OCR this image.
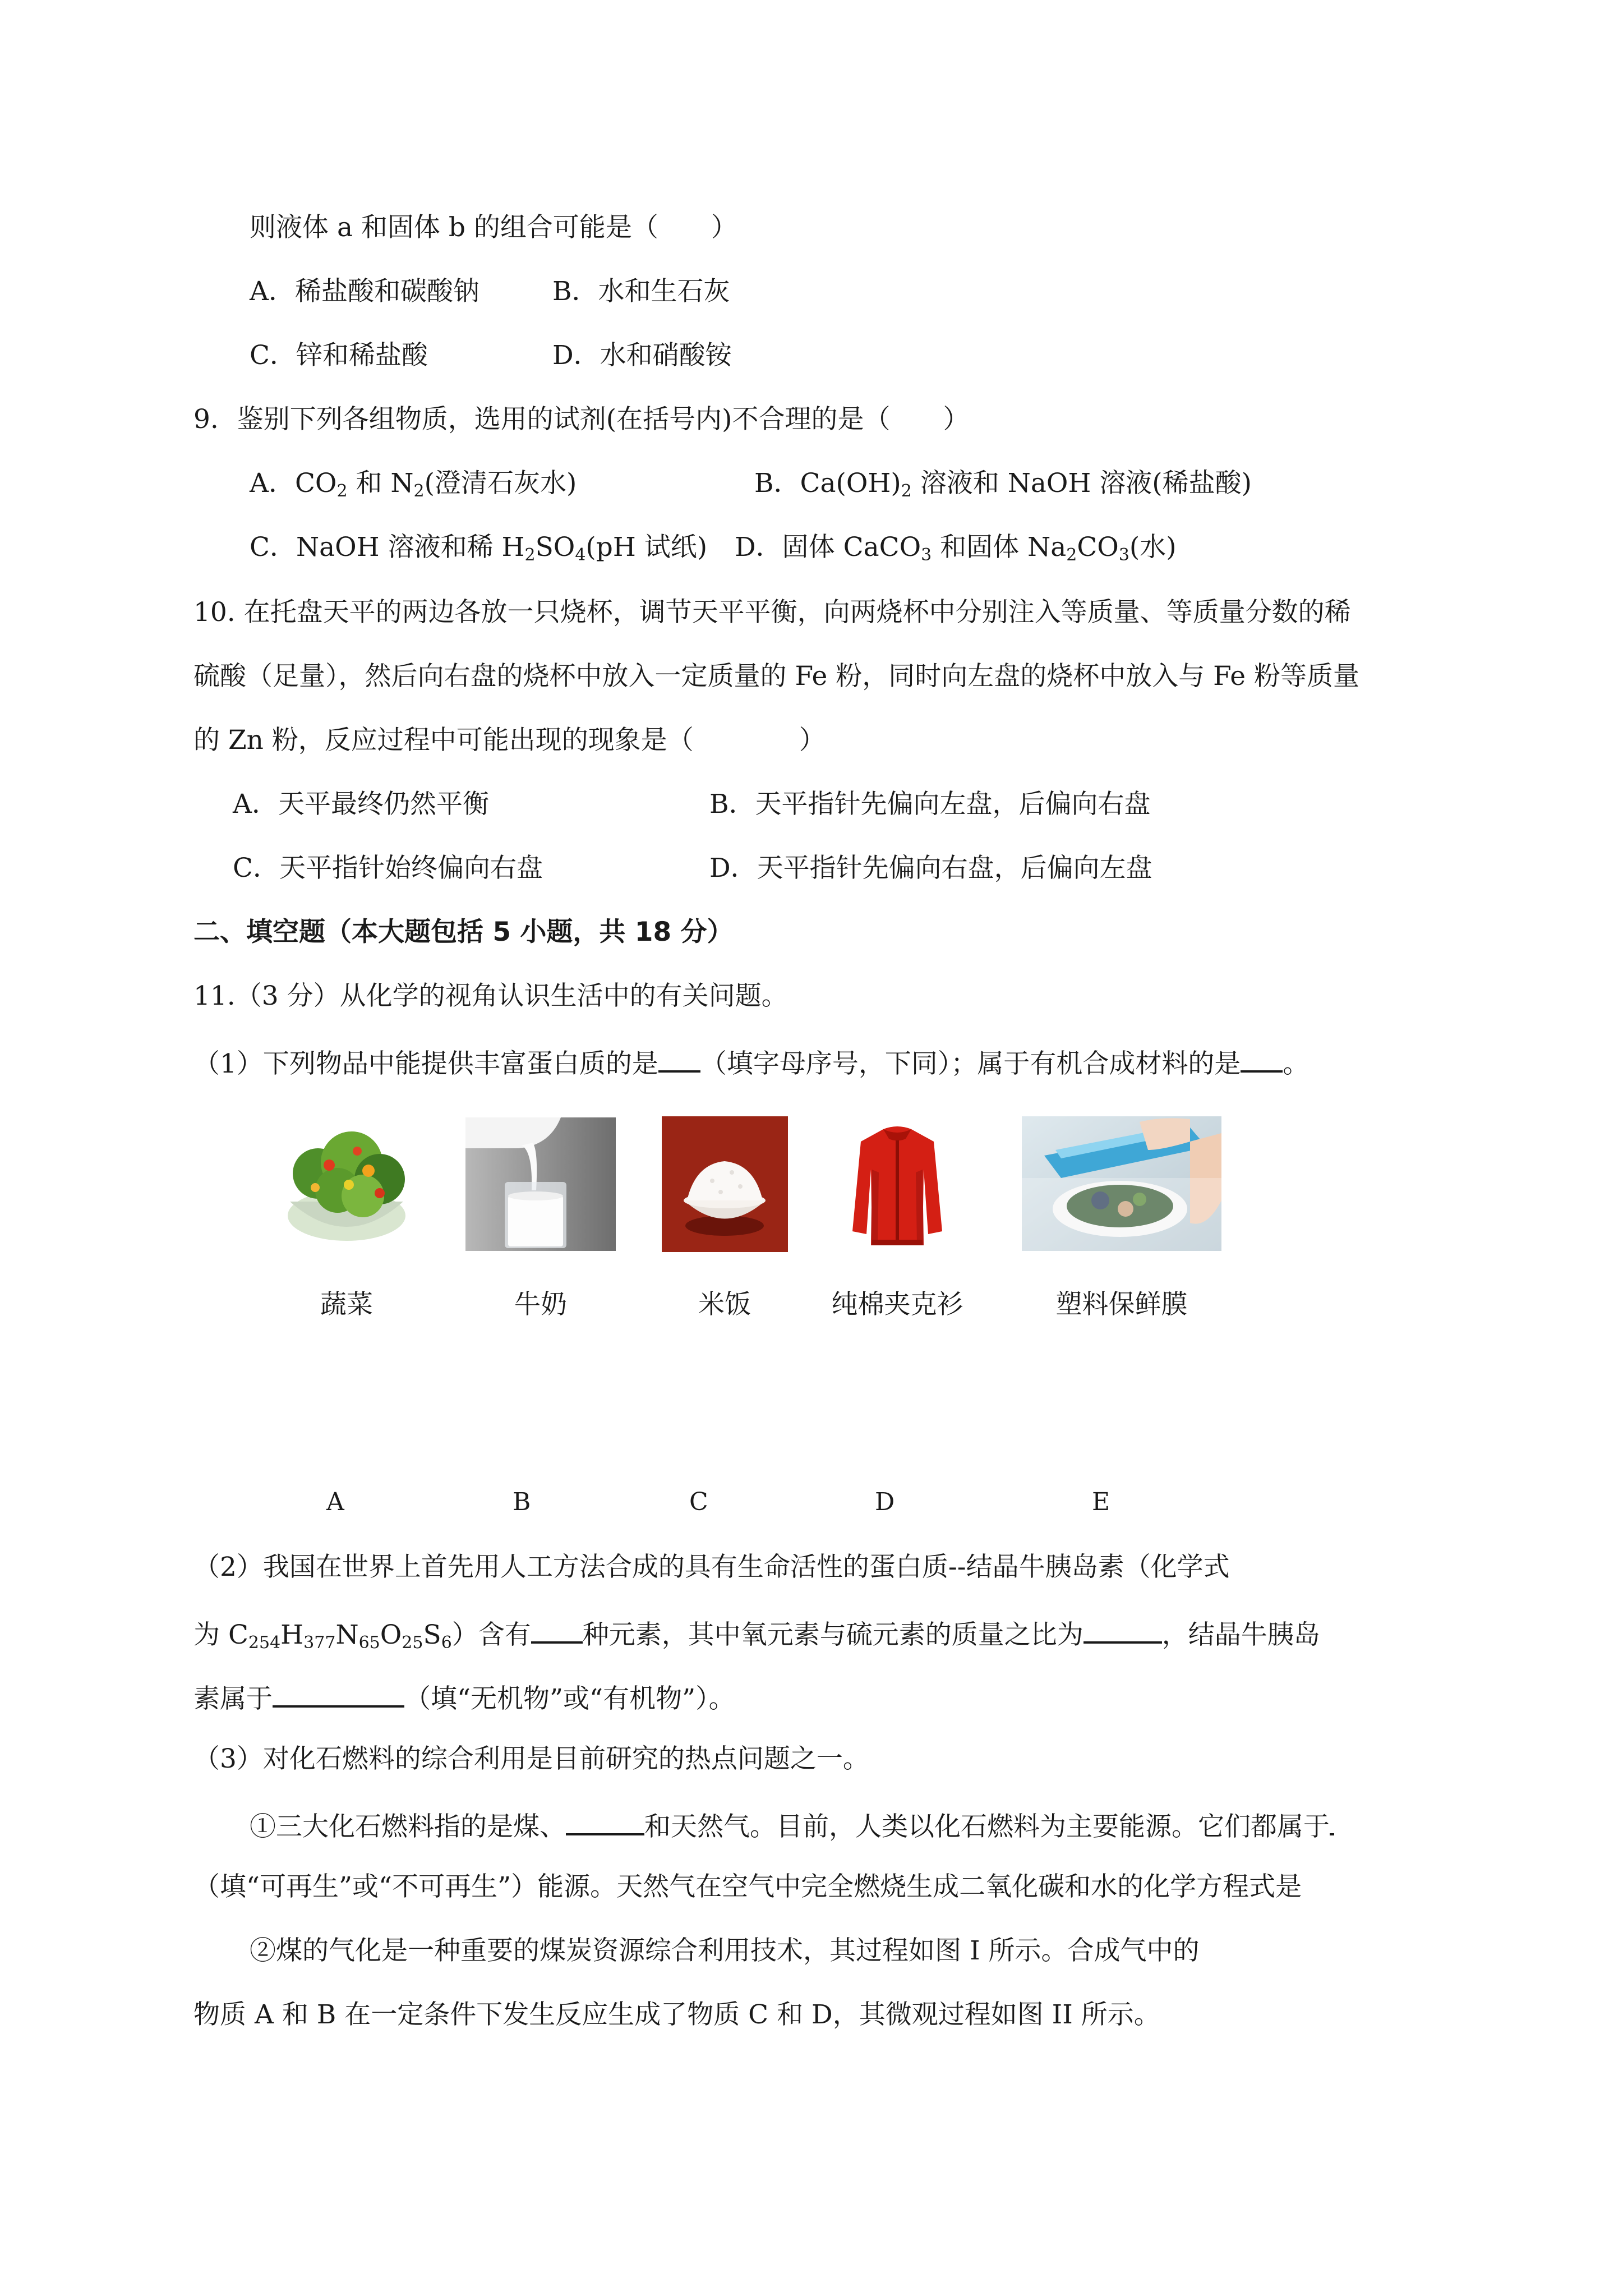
则液体 a 和固体 b 的组合可能是（　　）
A．稀盐酸和碳酸钠	B．水和生石灰
C．锌和稀盐酸	D．水和硝酸铵
9. 鉴别下列各组物质，选用的试剂(在括号内)不合理的是（　　）
A．$CO_2$ 和 $N_2$(澄清石灰水)	B．$Ca(OH)_2$ 溶液和 NaOH 溶液(稀盐酸)
C．NaOH 溶液和稀 $H_2SO_4(pH$ 试纸) D．固体 CaCO$_3$ 和固体 $Na_2CO_3$(水)
10. 在托盘天平的两边各放一只烧杯，调节天平平衡，向两烧杯中分别注入等质量、等质量分数的稀
硫酸（足量），然后向右盘的烧杯中放入一定质量的 Fe 粉，同时向左盘的烧杯中放入与 Fe 粉等质量
的 Zn 粉，反应过程中可能出现的现象是（　　　　）
A．天平最终仍然平衡	B．天平指针先偏向左盘，后偏向右盘
C．天平指针始终偏向右盘	D．天平指针先偏向右盘，后偏向左盘
二、填空题（本大题包括 5 小题，共 18 分）
11.（3 分）从化学的视角认识生活中的有关问题。
（1）下列物品中能提供丰富蛋白质的是 （填字母序号，下同）；属于有机合成材料的是 。
蔬菜	牛奶	米饭	纯棉夹克衫	塑料保鲜膜
A	B	C	D	E
（2）我国在世界上首先用人工方法合成的具有生命活性的蛋白质--结晶牛胰岛素（化学式
为 $C_{254}H_{377}N_{65}O_{25}S_6$）含有 种元素，其中氧元素与硫元素的质量之比为	，结晶牛胰岛
素属于	（填“无机物”或“有机物”）。
（3）对化石燃料的综合利用是目前研究的热点问题之一。
①三大化石燃料指的是煤、	和天然气。目前，人类以化石燃料为主要能源。它们都属于
（填“可再生”或“不可再生”）能源。天然气在空气中完全燃烧生成二氧化碳和水的化学方程式是
②煤的气化是一种重要的煤炭资源综合利用技术，其过程如图 I 所示。合成气中的
物质 A 和 B 在一定条件下发生反应生成了物质 C 和 D，其微观过程如图 II 所示。
